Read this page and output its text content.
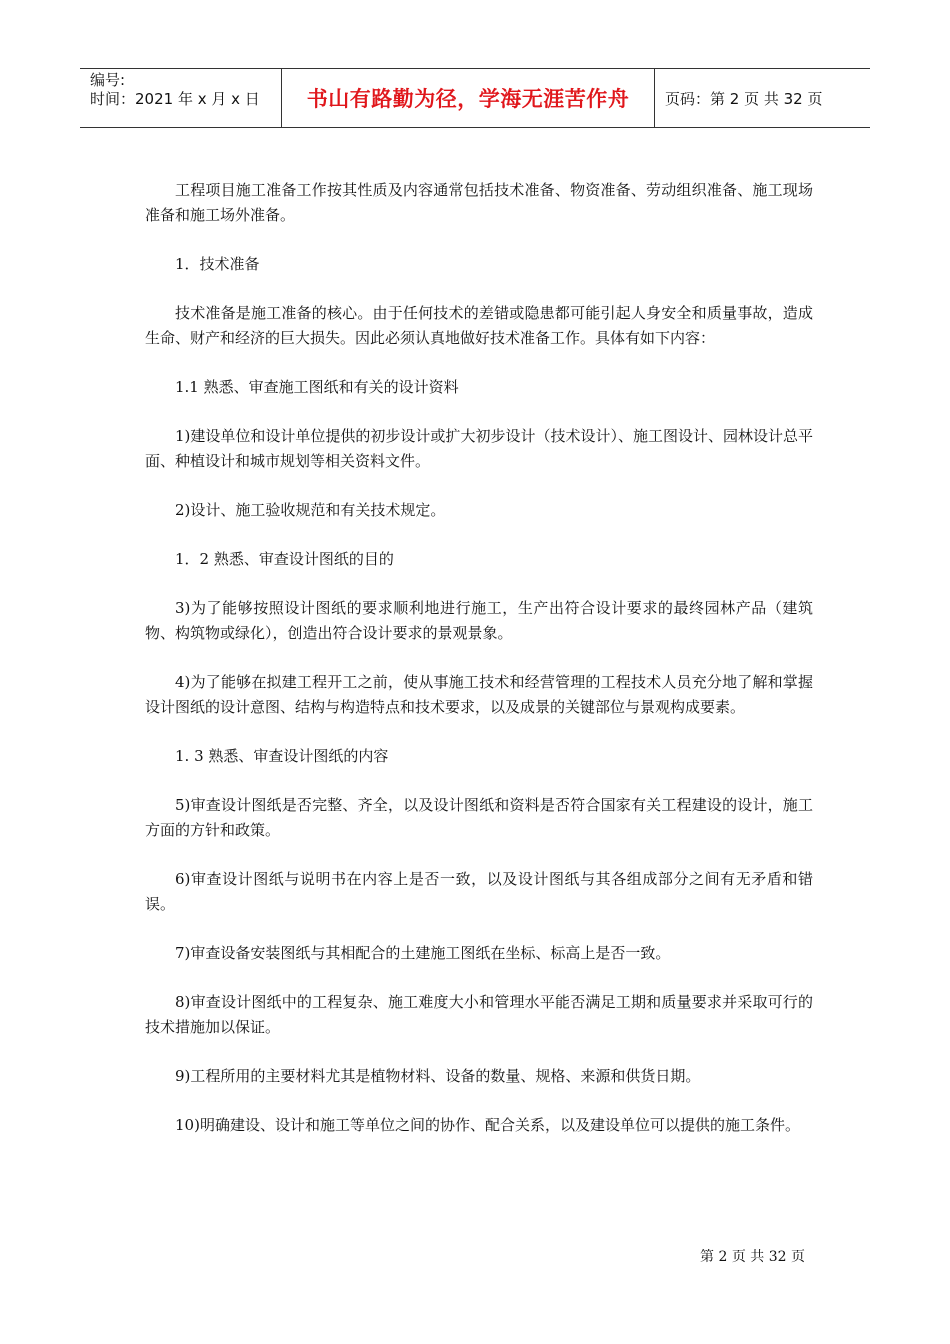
编号:
时间：2021 年 x 月 x 日	书山有路勤为径，学海无涯苦作舟 页码：第 2 页 共 32 页

工程项目施工准备工作按其性质及内容通常包括技术准备、物资准备、劳动组织准备、施工现场准备和施工场外准备。

1．技术准备

技术准备是施工准备的核心。由于任何技术的差错或隐患都可能引起人身安全和质量事故，造成生命、财产和经济的巨大损失。因此必须认真地做好技术准备工作。具体有如下内容：

1.1 熟悉、审查施工图纸和有关的设计资料

1)建设单位和设计单位提供的初步设计或扩大初步设计（技术设计）、施工图设计、园林设计总平面、种植设计和城市规划等相关资料文件。

2)设计、施工验收规范和有关技术规定。

1．2 熟悉、审查设计图纸的目的

3)为了能够按照设计图纸的要求顺利地进行施工，生产出符合设计要求的最终园林产品（建筑物、构筑物或绿化），创造出符合设计要求的景观景象。

4)为了能够在拟建工程开工之前，使从事施工技术和经营管理的工程技术人员充分地了解和掌握设计图纸的设计意图、结构与构造特点和技术要求，以及成景的关键部位与景观构成要素。

1. 3 熟悉、审查设计图纸的内容

5)审查设计图纸是否完整、齐全，以及设计图纸和资料是否符合国家有关工程建设的设计，施工方面的方针和政策。

6)审查设计图纸与说明书在内容上是否一致，以及设计图纸与其各组成部分之间有无矛盾和错误。

7)审查设备安装图纸与其相配合的土建施工图纸在坐标、标高上是否一致。

8)审查设计图纸中的工程复杂、施工难度大小和管理水平能否满足工期和质量要求并采取可行的技术措施加以保证。

9)工程所用的主要材料尤其是植物材料、设备的数量、规格、来源和供货日期。

10)明确建设、设计和施工等单位之间的协作、配合关系，以及建设单位可以提供的施工条件。

第 2 页 共 32 页
